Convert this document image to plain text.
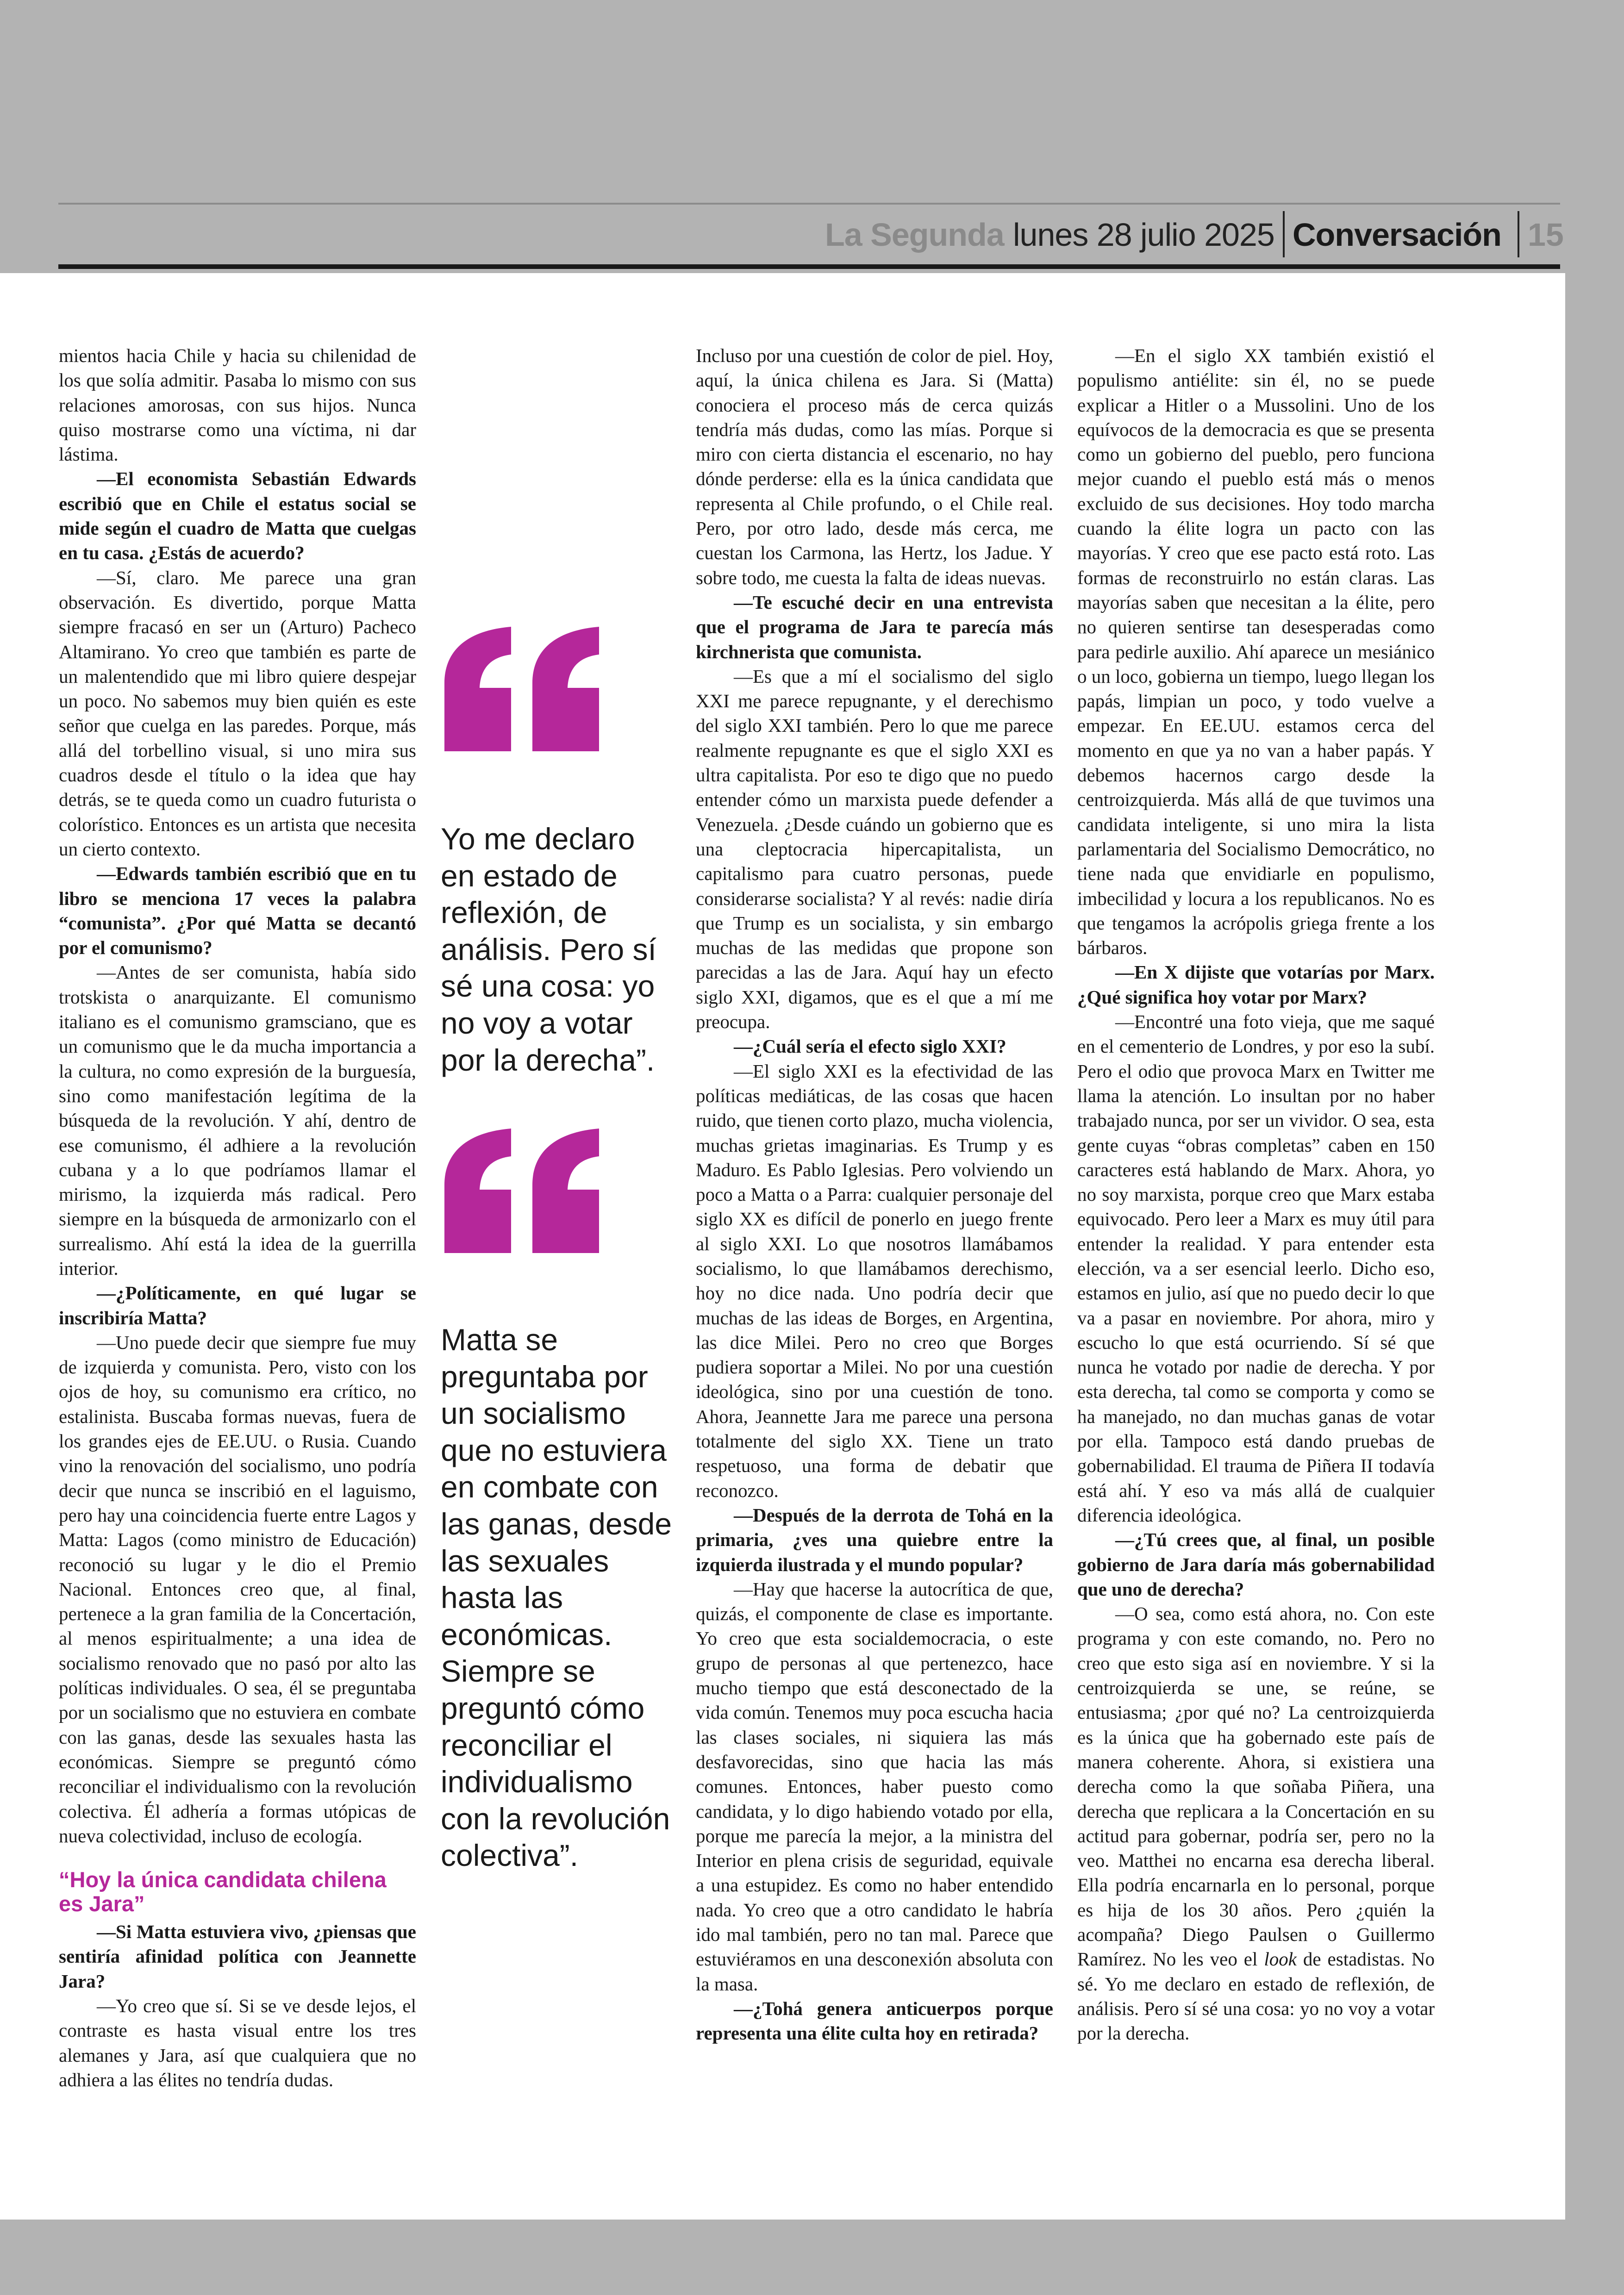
La Segunda lunes 28 julio 2025 Conversación 15

mientos hacia Chile y hacia su chilenidad de los que solía admitir. Pasaba lo mismo con sus relaciones amorosas, con sus hijos. Nunca quiso mostrarse como una víctima, ni dar lástima.

—El economista Sebastián Edwards escribió que en Chile el estatus social se mide según el cuadro de Matta que cuelgas en tu casa. ¿Estás de acuerdo?

—Sí, claro. Me parece una gran observación. Es divertido, porque Matta siempre fracasó en ser un (Arturo) Pacheco Altamirano. Yo creo que también es parte de un malentendido que mi libro quiere despejar un poco. No sabemos muy bien quién es este señor que cuelga en las paredes. Porque, más allá del torbellino visual, si uno mira sus cuadros desde el título o la idea que hay detrás, se te queda como un cuadro futurista o colorístico. Entonces es un artista que necesita un cierto contexto.

—Edwards también escribió que en tu libro se menciona 17 veces la palabra “comunista”. ¿Por qué Matta se decantó por el comunismo?

—Antes de ser comunista, había sido trotskista o anarquizante. El comunismo italiano es el comunismo gramsciano, que es un comunismo que le da mucha importancia a la cultura, no como expresión de la burguesía, sino como manifestación legítima de la búsqueda de la revolución. Y ahí, dentro de ese comunismo, él adhiere a la revolución cubana y a lo que podríamos llamar el mirismo, la izquierda más radical. Pero siempre en la búsqueda de armonizarlo con el surrealismo. Ahí está la idea de la guerrilla interior.

—¿Políticamente, en qué lugar se inscribiría Matta?

—Uno puede decir que siempre fue muy de izquierda y comunista. Pero, visto con los ojos de hoy, su comunismo era crítico, no estalinista. Buscaba formas nuevas, fuera de los grandes ejes de EE.UU. o Rusia. Cuando vino la renovación del socialismo, uno podría decir que nunca se inscribió en el laguismo, pero hay una coincidencia fuerte entre Lagos y Matta: Lagos (como ministro de Educación) reconoció su lugar y le dio el Premio Nacional. Entonces creo que, al final, pertenece a la gran familia de la Concertación, al menos espiritualmente; a una idea de socialismo renovado que no pasó por alto las políticas individuales. O sea, él se preguntaba por un socialismo que no estuviera en combate con las ganas, desde las sexuales hasta las económicas. Siempre se preguntó cómo reconciliar el individualismo con la revolución colectiva. Él adhería a formas utópicas de nueva colectividad, incluso de ecología.

“Hoy la única candidata chilena es Jara”

—Si Matta estuviera vivo, ¿piensas que sentiría afinidad política con Jeannette Jara?

—Yo creo que sí. Si se ve desde lejos, el contraste es hasta visual entre los tres alemanes y Jara, así que cualquiera que no adhiera a las élites no tendría dudas.

Yo me declaro en estado de reflexión, de análisis. Pero sí sé una cosa: yo no voy a votar por la derecha”.
Matta se preguntaba por un socialismo que no estuviera en combate con las ganas, desde las sexuales hasta las económicas. Siempre se preguntó cómo reconciliar el individualismo con la revolución colectiva”.

Incluso por una cuestión de color de piel. Hoy, aquí, la única chilena es Jara. Si (Matta) conociera el proceso más de cerca quizás tendría más dudas, como las mías. Porque si miro con cierta distancia el escenario, no hay dónde perderse: ella es la única candidata que representa al Chile profundo, o el Chile real. Pero, por otro lado, desde más cerca, me cuestan los Carmona, las Hertz, los Jadue. Y sobre todo, me cuesta la falta de ideas nuevas.

—Te escuché decir en una entrevista que el programa de Jara te parecía más kirchnerista que comunista.

—Es que a mí el socialismo del siglo XXI me parece repugnante, y el derechismo del siglo XXI también. Pero lo que me parece realmente repugnante es que el siglo XXI es ultra capitalista. Por eso te digo que no puedo entender cómo un marxista puede defender a Venezuela. ¿Desde cuándo un gobierno que es una cleptocracia hipercapitalista, un capitalismo para cuatro personas, puede considerarse socialista? Y al revés: nadie diría que Trump es un socialista, y sin embargo muchas de las medidas que propone son parecidas a las de Jara. Aquí hay un efecto siglo XXI, digamos, que es el que a mí me preocupa.

—¿Cuál sería el efecto siglo XXI?

—El siglo XXI es la efectividad de las políticas mediáticas, de las cosas que hacen ruido, que tienen corto plazo, mucha violencia, muchas grietas imaginarias. Es Trump y es Maduro. Es Pablo Iglesias. Pero volviendo un poco a Matta o a Parra: cualquier personaje del siglo XX es difícil de ponerlo en juego frente al siglo XXI. Lo que nosotros llamábamos socialismo, lo que llamábamos derechismo, hoy no dice nada. Uno podría decir que muchas de las ideas de Borges, en Argentina, las dice Milei. Pero no creo que Borges pudiera soportar a Milei. No por una cuestión ideológica, sino por una cuestión de tono. Ahora, Jeannette Jara me parece una persona totalmente del siglo XX. Tiene un trato respetuoso, una forma de debatir que reconozco.

—Después de la derrota de Tohá en la primaria, ¿ves una quiebre entre la izquierda ilustrada y el mundo popular?

—Hay que hacerse la autocrítica de que, quizás, el componente de clase es importante. Yo creo que esta socialdemocracia, o este grupo de personas al que pertenezco, hace mucho tiempo que está desconectado de la vida común. Tenemos muy poca escucha hacia las clases sociales, ni siquiera las más desfavorecidas, sino que hacia las más comunes. Entonces, haber puesto como candidata, y lo digo habiendo votado por ella, porque me parecía la mejor, a la ministra del Interior en plena crisis de seguridad, equivale a una estupidez. Es como no haber entendido nada. Yo creo que a otro candidato le habría ido mal también, pero no tan mal. Parece que estuviéramos en una desconexión absoluta con la masa.

—¿Tohá genera anticuerpos porque representa una élite culta hoy en retirada?

—En el siglo XX también existió el populismo antiélite: sin él, no se puede explicar a Hitler o a Mussolini. Uno de los equívocos de la democracia es que se presenta como un gobierno del pueblo, pero funciona mejor cuando el pueblo está más o menos excluido de sus decisiones. Hoy todo marcha cuando la élite logra un pacto con las mayorías. Y creo que ese pacto está roto. Las formas de reconstruirlo no están claras. Las mayorías saben que necesitan a la élite, pero no quieren sentirse tan desesperadas como para pedirle auxilio. Ahí aparece un mesiánico o un loco, gobierna un tiempo, luego llegan los papás, limpian un poco, y todo vuelve a empezar. En EE.UU. estamos cerca del momento en que ya no van a haber papás. Y debemos hacernos cargo desde la centroizquierda. Más allá de que tuvimos una candidata inteligente, si uno mira la lista parlamentaria del Socialismo Democrático, no tiene nada que envidiarle en populismo, imbecilidad y locura a los republicanos. No es que tengamos la acrópolis griega frente a los bárbaros.

—En X dijiste que votarías por Marx. ¿Qué significa hoy votar por Marx?

—Encontré una foto vieja, que me saqué en el cementerio de Londres, y por eso la subí. Pero el odio que provoca Marx en Twitter me llama la atención. Lo insultan por no haber trabajado nunca, por ser un vividor. O sea, esta gente cuyas “obras completas” caben en 150 caracteres está hablando de Marx. Ahora, yo no soy marxista, porque creo que Marx estaba equivocado. Pero leer a Marx es muy útil para entender la realidad. Y para entender esta elección, va a ser esencial leerlo. Dicho eso, estamos en julio, así que no puedo decir lo que va a pasar en noviembre. Por ahora, miro y escucho lo que está ocurriendo. Sí sé que nunca he votado por nadie de derecha. Y por esta derecha, tal como se comporta y como se ha manejado, no dan muchas ganas de votar por ella. Tampoco está dando pruebas de gobernabilidad. El trauma de Piñera II todavía está ahí. Y eso va más allá de cualquier diferencia ideológica.

—¿Tú crees que, al final, un posible gobierno de Jara daría más gobernabilidad que uno de derecha?

—O sea, como está ahora, no. Con este programa y con este comando, no. Pero no creo que esto siga así en noviembre. Y si la centroizquierda se une, se reúne, se entusiasma; ¿por qué no? La centroizquierda es la única que ha gobernado este país de manera coherente. Ahora, si existiera una derecha como la que soñaba Piñera, una derecha que replicara a la Concertación en su actitud para gobernar, podría ser, pero no la veo. Matthei no encarna esa derecha liberal. Ella podría encarnarla en lo personal, porque es hija de los 30 años. Pero ¿quién la acompaña? Diego Paulsen o Guillermo Ramírez. No les veo el look de estadistas. No sé. Yo me declaro en estado de reflexión, de análisis. Pero sí sé una cosa: yo no voy a votar por la derecha.
